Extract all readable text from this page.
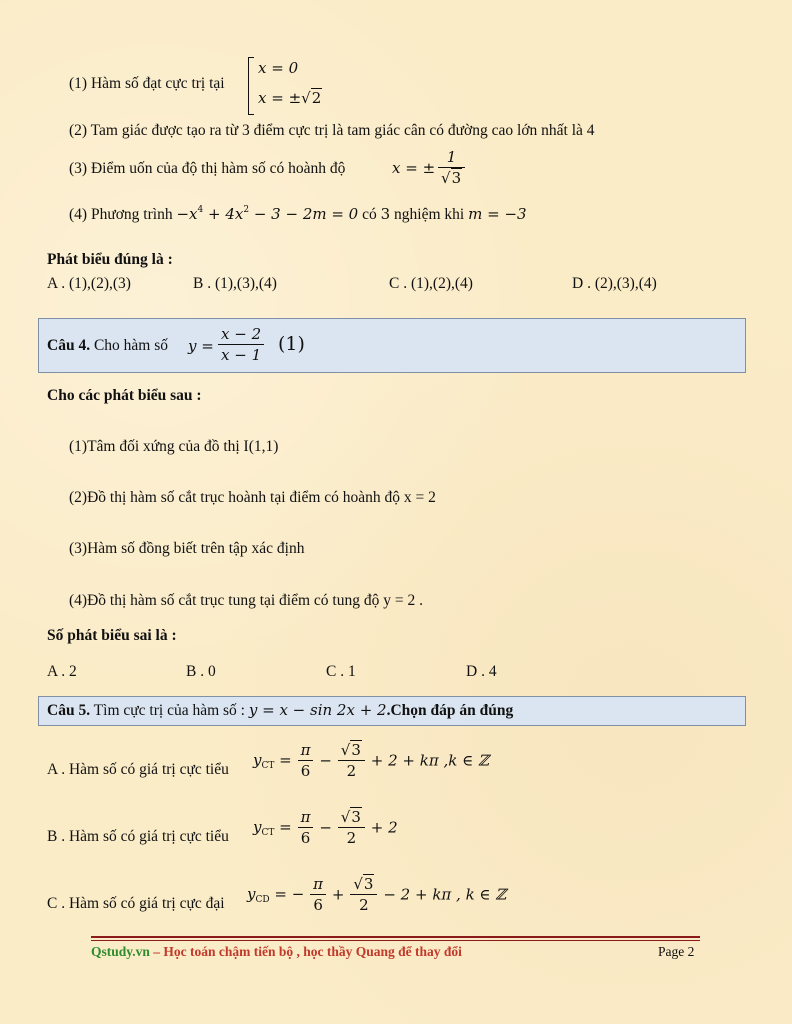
(1) Hàm số đạt cực trị tại
x = 0
x = ±√2
(2) Tam giác được tạo ra từ 3 điểm cực trị là tam giác cân có đường cao lớn nhất là 4
(3) Điểm uốn của độ thị hàm số có hoành độ	x = ± $\frac{1}{√3}$
(4) Phương trình $-x^4 + 4x^2 - 3 - 2m = 0$ có 3 nghiệm khi m = −3
Phát biểu đúng là :
A . (1),(2),(3)	B . (1),(3),(4)	C . (1),(2),(4)	D . (2),(3),(4)
Câu 4. Cho hàm số $y = \frac{x - 2}{x - 1} (1)$
Cho các phát biểu sau :
(1)Tâm đối xứng của đồ thị I(1,1)
(2)Đồ thị hàm số cắt trục hoành tại điểm có hoành độ x = 2
(3)Hàm số đồng biết trên tập xác định
(4)Đồ thị hàm số cắt trục tung tại điểm có tung độ y = 2 .
Số phát biểu sai là :
A . 2	B . 0	C . 1	D . 4
Câu 5. Tìm cực trị của hàm số : y = x − sin 2x + 2.Chọn đáp án đúng
A . Hàm số có giá trị cực tiểu
$y_{CT} = \frac{\pi}{6} - \frac{√3}{2} + 2 + k\pi$ ,k ∈ ℤ
B . Hàm số có giá trị cực tiểu
$y_{CT} = \frac{\pi}{6} - \frac{√3}{2} + 2$
C . Hàm số có giá trị cực đại
$y_{CD}$ = − $\frac{\pi}{6} + \frac{√3}{2} - 2 + k\pi$ , k ∈ ℤ
Qstudy.vn – Học toán chậm tiến bộ , học thầy Quang để thay đổi	Page 2
